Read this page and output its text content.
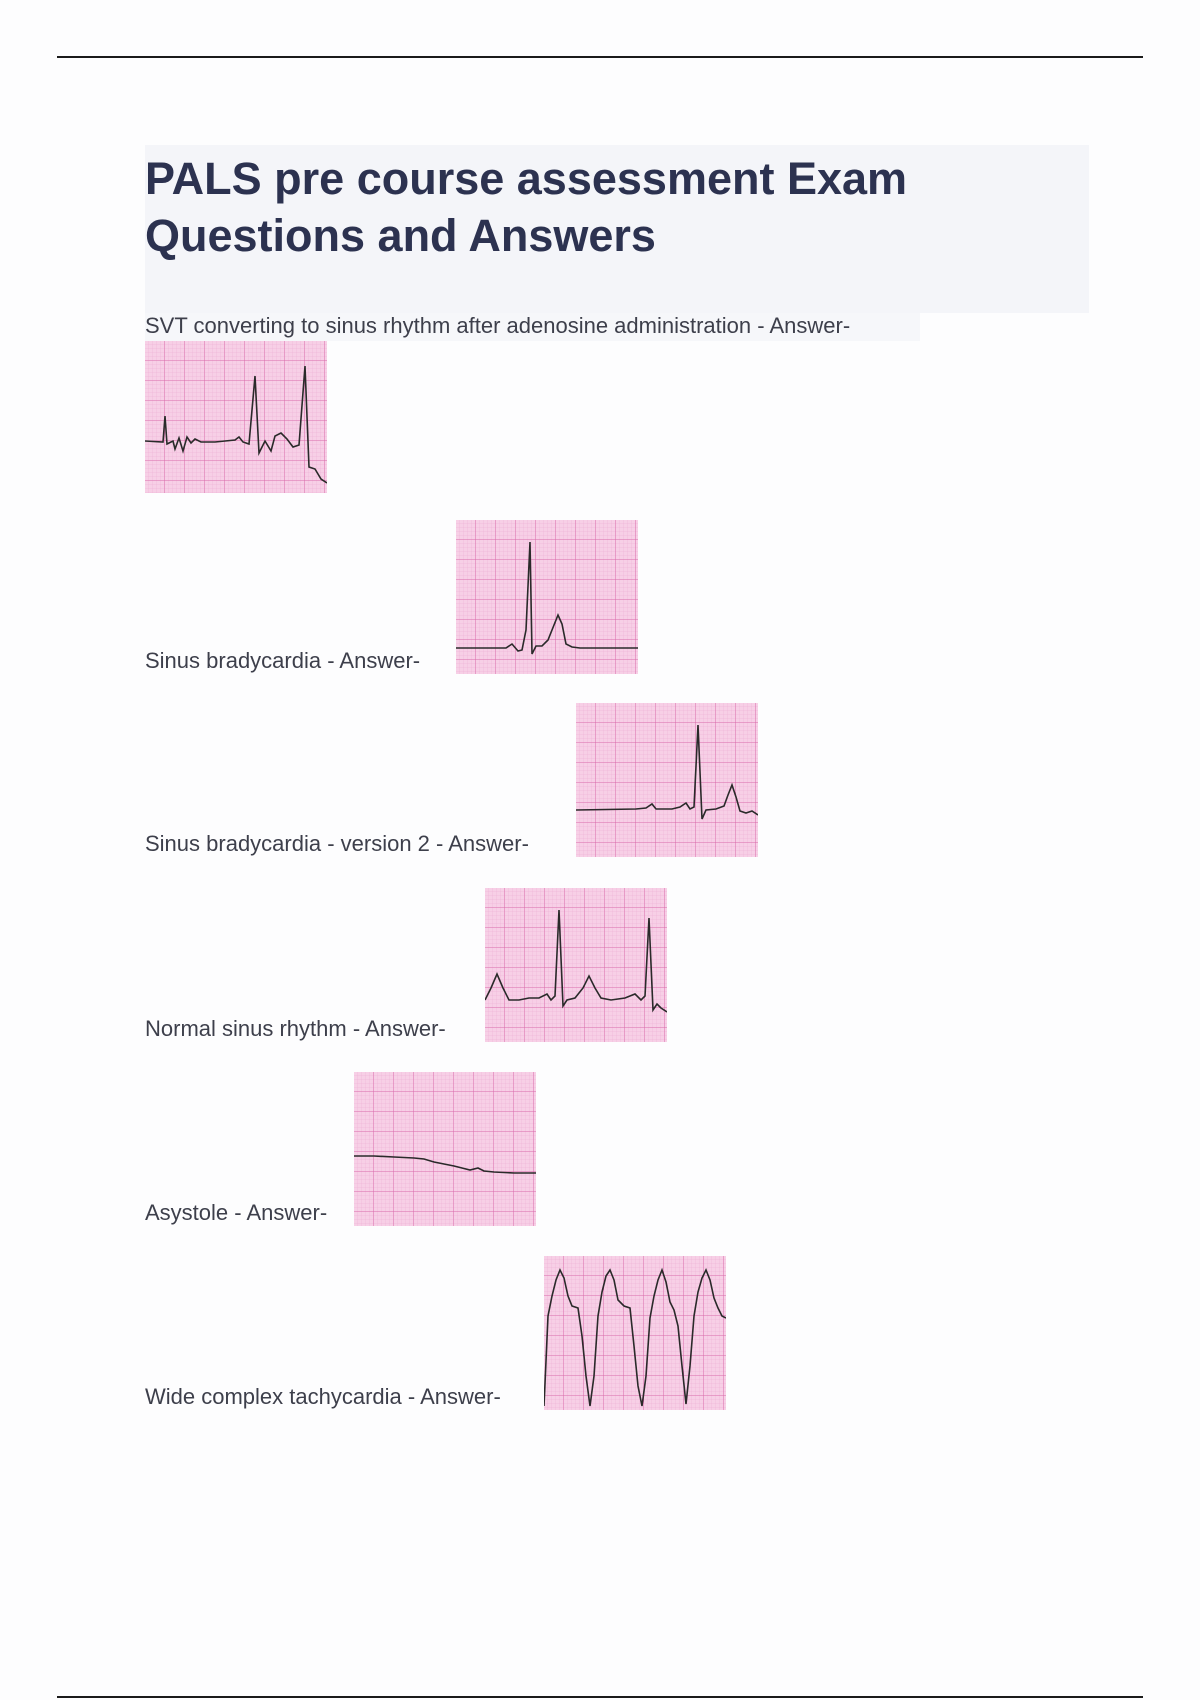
PALS pre course assessment Exam Questions and Answers
SVT converting to sinus rhythm after adenosine administration - Answer-
Sinus bradycardia - Answer-
Sinus bradycardia - version 2 - Answer-
Normal sinus rhythm - Answer-
Asystole - Answer-
Wide complex tachycardia - Answer-
